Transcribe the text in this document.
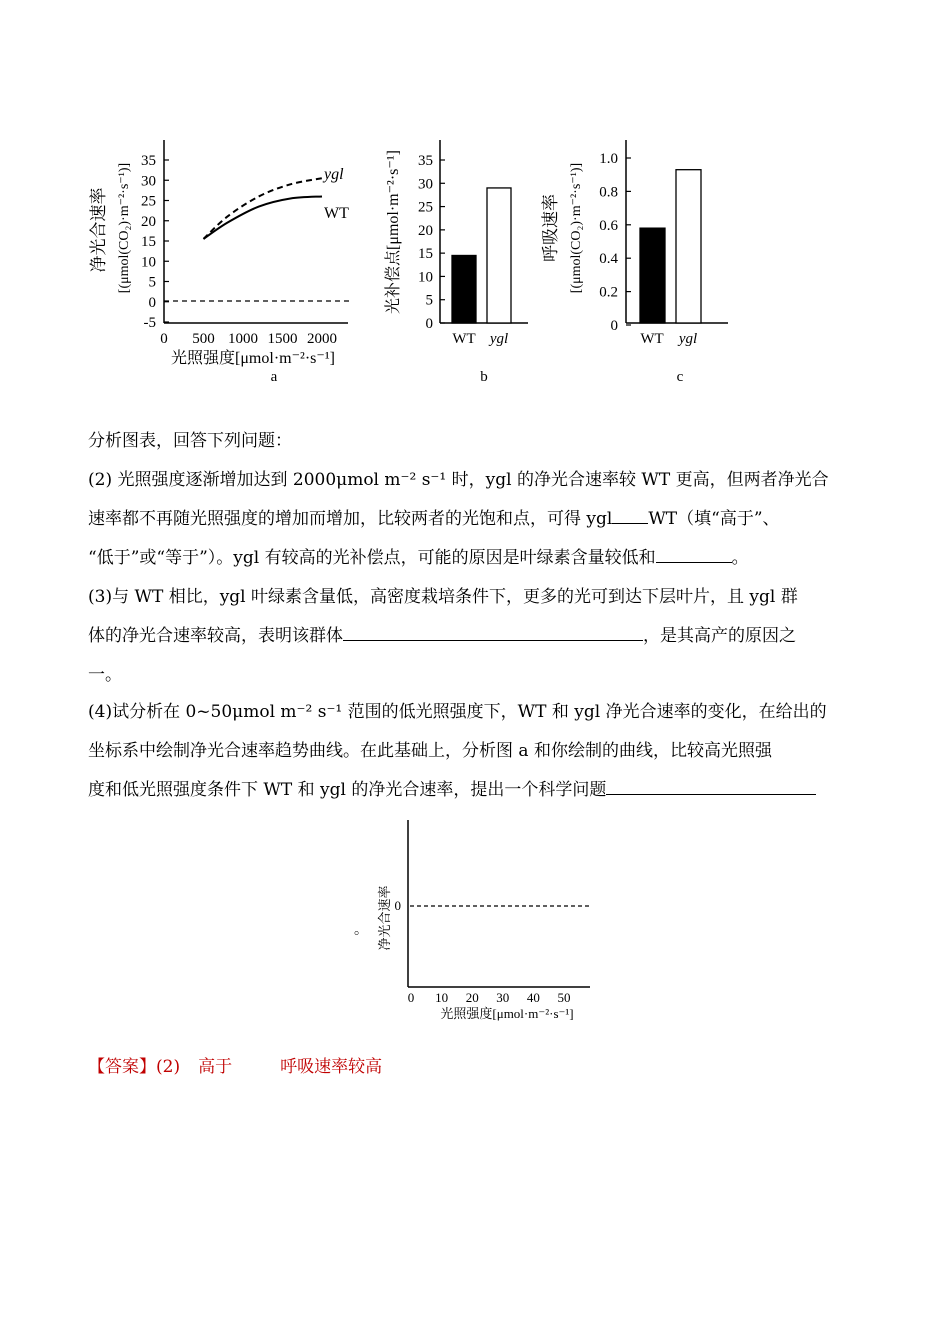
净光合速率 [(μmol(CO₂)·m⁻²·s⁻¹)]
35
30
25
20
15
10
5
0
-5
0 500 1000 1500 2000
ygl
WT
光照强度[μmol·m⁻²·s⁻¹]
a
光补偿点[μmol·m⁻²·s⁻¹] 35
30
25
20
15
10
5
0
WT ygl
b
呼吸速率 [(μmol(CO₂)·m⁻²·s⁻¹)]
1.0
0.8
0.6
0.4
0.2
0
WT ygl
c
净光合速率
。
0
0 10 20 30 40 50
光照强度[μmol·m⁻²·s⁻¹]
分析图表，回答下列问题：
(2) 光照强度逐渐增加达到 2000μmol m⁻² s⁻¹ 时，ygl 的净光合速率较 WT 更高，但两者净光合
速率都不再随光照强度的增加而增加，比较两者的光饱和点，可得 ygl WT（填“高于”、
“低于”或“等于”）。ygl 有较高的光补偿点，可能的原因是叶绿素含量较低和	。
(3)与 WT 相比，ygl 叶绿素含量低，高密度栽培条件下，更多的光可到达下层叶片，且 ygl 群
体的净光合速率较高，表明该群体	，是其高产的原因之
一。
(4)试分析在 0~50μmol m⁻² s⁻¹ 范围的低光照强度下，WT 和 ygl 净光合速率的变化，在给出的
坐标系中绘制净光合速率趋势曲线。在此基础上，分析图 a 和你绘制的曲线，比较高光照强
度和低光照强度条件下 WT 和 ygl 的净光合速率，提出一个科学问题
【答案】(2) 高于	呼吸速率较高
